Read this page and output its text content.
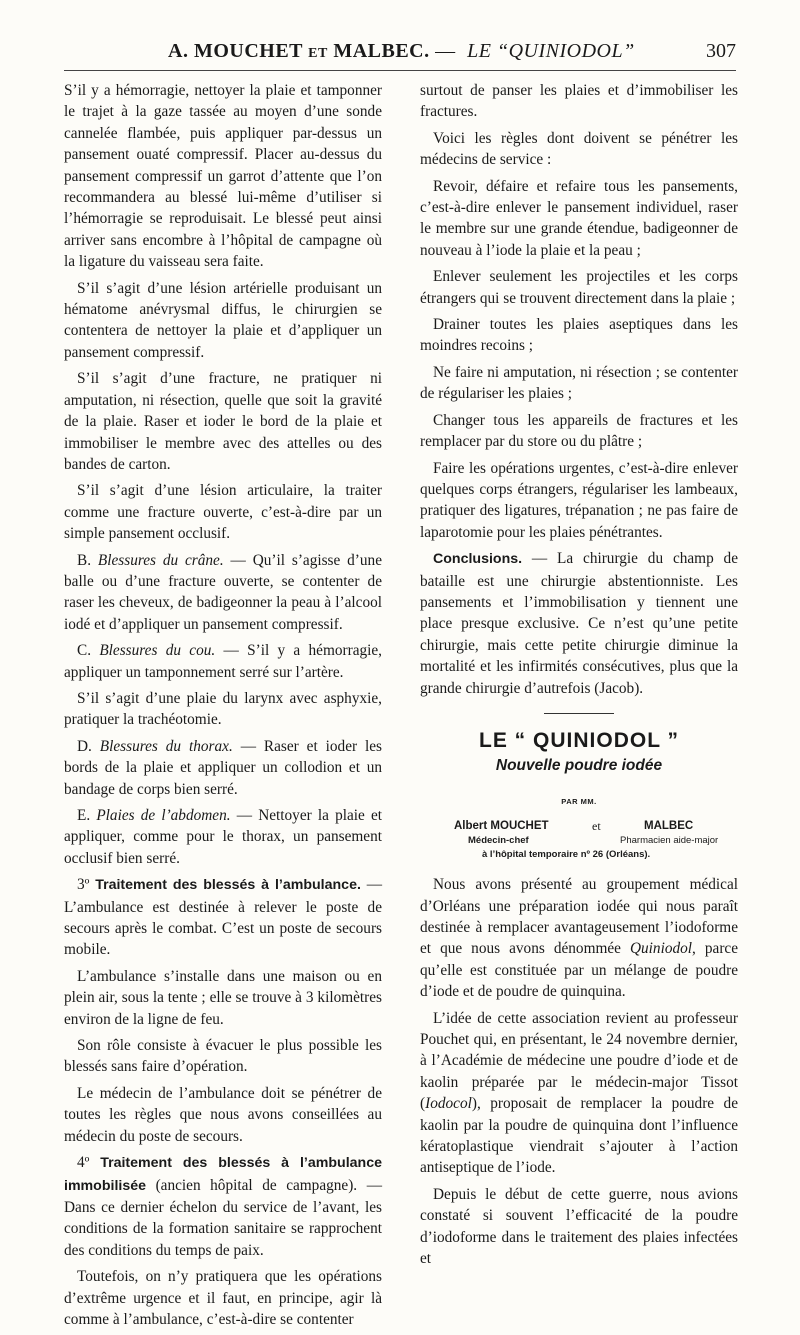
A. MOUCHET et MALBEC. — LE “QUINIODOL”	307

S’il y a hémorragie, nettoyer la plaie et tamponner le trajet à la gaze tassée au moyen d’une sonde cannelée flambée, puis appliquer par-dessus un pansement ouaté compressif. Placer au-dessus du pansement compressif un garrot d’attente que l’on recommandera au blessé lui-même d’utiliser si l’hémorragie se reproduisait. Le blessé peut ainsi arriver sans encombre à l’hôpital de campagne où la ligature du vaisseau sera faite.

S’il s’agit d’une lésion artérielle produisant un hématome anévrysmal diffus, le chirurgien se contentera de nettoyer la plaie et d’appliquer un pansement compressif.

S’il s’agit d’une fracture, ne pratiquer ni amputation, ni résection, quelle que soit la gravité de la plaie. Raser et ioder le bord de la plaie et immobiliser le membre avec des attelles ou des bandes de carton.

S’il s’agit d’une lésion articulaire, la traiter comme une fracture ouverte, c’est-à-dire par un simple pansement occlusif.

B. Blessures du crâne. — Qu’il s’agisse d’une balle ou d’une fracture ouverte, se contenter de raser les cheveux, de badigeonner la peau à l’alcool iodé et d’appliquer un pansement compressif.

C. Blessures du cou. — S’il y a hémorragie, appliquer un tamponnement serré sur l’artère.

S’il s’agit d’une plaie du larynx avec asphyxie, pratiquer la trachéotomie.

D. Blessures du thorax. — Raser et ioder les bords de la plaie et appliquer un collodion et un bandage de corps bien serré.

E. Plaies de l’abdomen. — Nettoyer la plaie et appliquer, comme pour le thorax, un pansement occlusif bien serré.

3º Traitement des blessés à l’ambulance. — L’ambulance est destinée à relever le poste de secours après le combat. C’est un poste de secours mobile.

L’ambulance s’installe dans une maison ou en plein air, sous la tente ; elle se trouve à 3 kilomètres environ de la ligne de feu.

Son rôle consiste à évacuer le plus possible les blessés sans faire d’opération.

Le médecin de l’ambulance doit se pénétrer de toutes les règles que nous avons conseillées au médecin du poste de secours.

4º Traitement des blessés à l’ambulance immobilisée (ancien hôpital de campagne). — Dans ce dernier échelon du service de l’avant, les conditions de la formation sanitaire se rapprochent des conditions du temps de paix.

Toutefois, on n’y pratiquera que les opérations d’extrême urgence et il faut, en principe, agir là comme à l’ambulance, c’est-à-dire se contenter

surtout de panser les plaies et d’immobiliser les fractures.

Voici les règles dont doivent se pénétrer les médecins de service :

Revoir, défaire et refaire tous les pansements, c’est-à-dire enlever le pansement individuel, raser le membre sur une grande étendue, badigeonner de nouveau à l’iode la plaie et la peau ;

Enlever seulement les projectiles et les corps étrangers qui se trouvent directement dans la plaie ;

Drainer toutes les plaies aseptiques dans les moindres recoins ;

Ne faire ni amputation, ni résection ; se contenter de régulariser les plaies ;

Changer tous les appareils de fractures et les remplacer par du store ou du plâtre ;

Faire les opérations urgentes, c’est-à-dire enlever quelques corps étrangers, régulariser les lambeaux, pratiquer des ligatures, trépanation ; ne pas faire de laparotomie pour les plaies pénétrantes.

Conclusions. — La chirurgie du champ de bataille est une chirurgie abstentionniste. Les pansements et l’immobilisation y tiennent une place presque exclusive. Ce n’est qu’une petite chirurgie, mais cette petite chirurgie diminue la mortalité et les infirmités consécutives, plus que la grande chirurgie d’autrefois (Jacob).

LE “ QUINIODOL ”
Nouvelle poudre iodée
PAR MM.
Albert MOUCHET	et	MALBEC
Médecin-chef	Pharmacien aide-major
à l’hôpital temporaire nº 26 (Orléans).

Nous avons présenté au groupement médical d’Orléans une préparation iodée qui nous paraît destinée à remplacer avantageusement l’iodoforme et que nous avons dénommée Quiniodol, parce qu’elle est constituée par un mélange de poudre d’iode et de poudre de quinquina.

L’idée de cette association revient au professeur Pouchet qui, en présentant, le 24 novembre dernier, à l’Académie de médecine une poudre d’iode et de kaolin préparée par le médecin-major Tissot (Iodocol), proposait de remplacer la poudre de kaolin par la poudre de quinquina dont l’influence kératoplastique viendrait s’ajouter à l’action antiseptique de l’iode.

Depuis le début de cette guerre, nous avions constaté si souvent l’efficacité de la poudre d’iodoforme dans le traitement des plaies infectées et
